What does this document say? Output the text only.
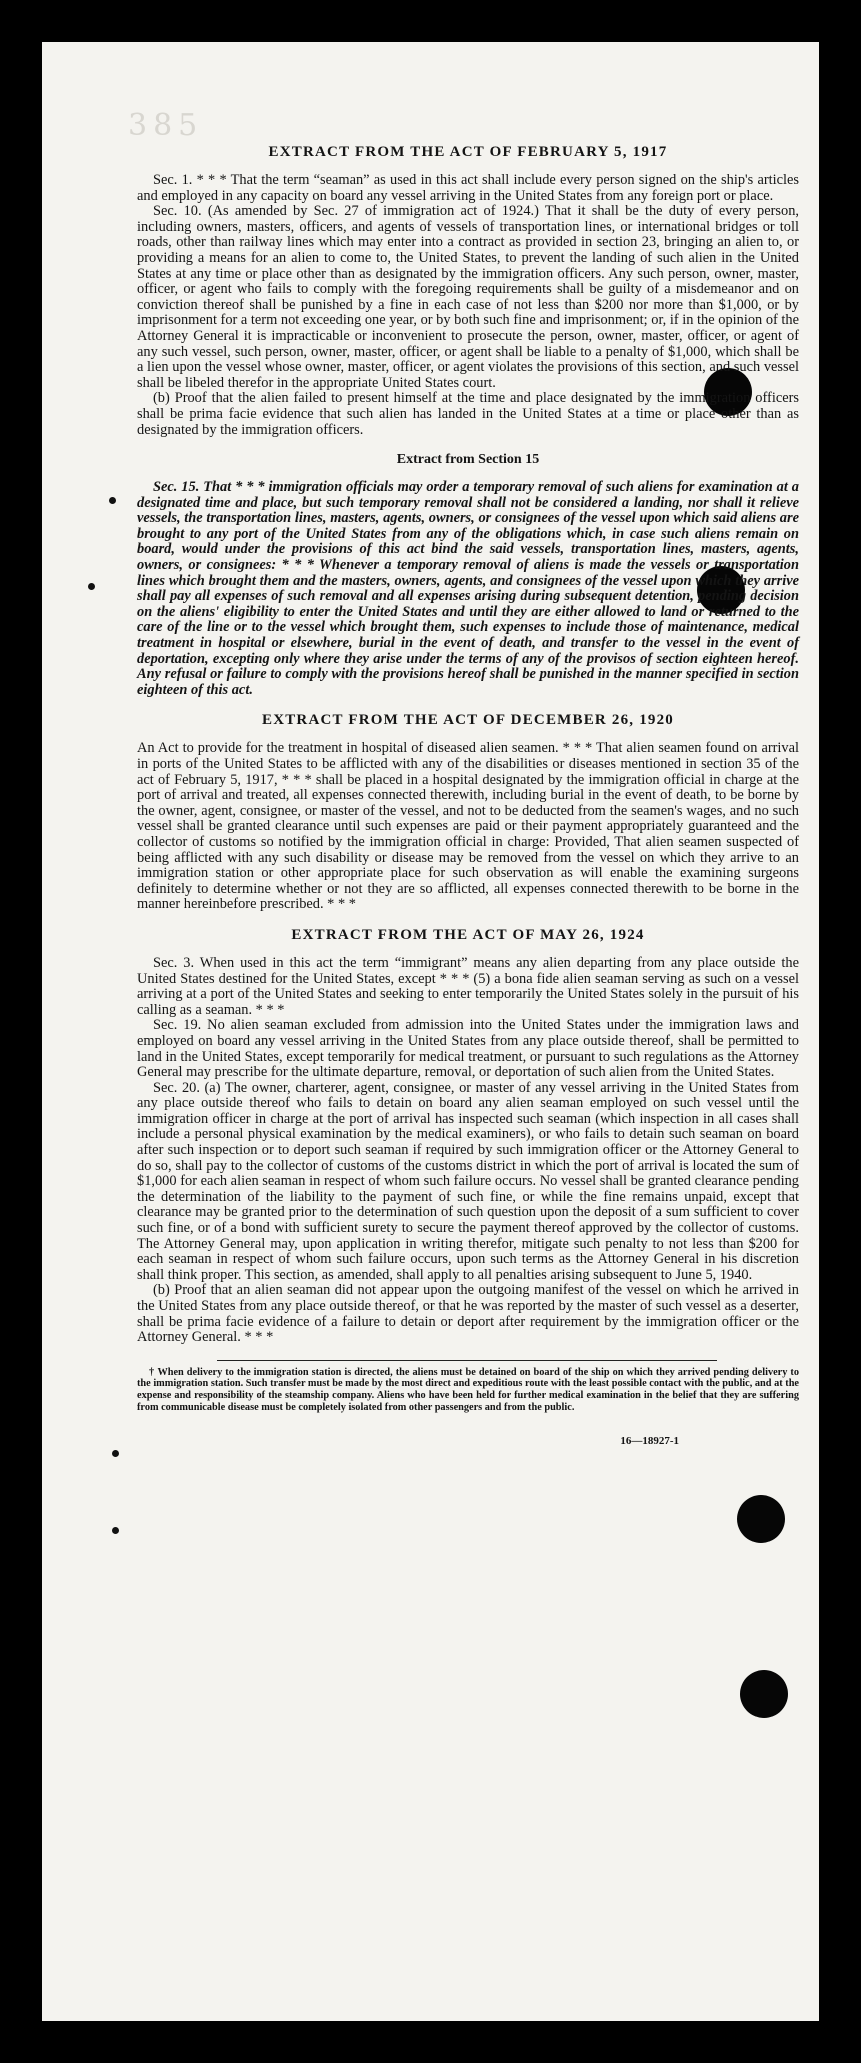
385
EXTRACT FROM THE ACT OF FEBRUARY 5, 1917

Sec. 1. * * * That the term “seaman” as used in this act shall include every person signed on the ship's articles and employed in any capacity on board any vessel arriving in the United States from any foreign port or place.

Sec. 10. (As amended by Sec. 27 of immigration act of 1924.) That it shall be the duty of every person, including owners, masters, officers, and agents of vessels of transportation lines, or international bridges or toll roads, other than railway lines which may enter into a contract as provided in section 23, bringing an alien to, or providing a means for an alien to come to, the United States, to prevent the landing of such alien in the United States at any time or place other than as designated by the immigration officers. Any such person, owner, master, officer, or agent who fails to comply with the foregoing requirements shall be guilty of a misdemeanor and on conviction thereof shall be punished by a fine in each case of not less than $200 nor more than $1,000, or by imprisonment for a term not exceeding one year, or by both such fine and imprisonment; or, if in the opinion of the Attorney General it is impracticable or inconvenient to prosecute the person, owner, master, officer, or agent of any such vessel, such person, owner, master, officer, or agent shall be liable to a penalty of $1,000, which shall be a lien upon the vessel whose owner, master, officer, or agent violates the provisions of this section, and such vessel shall be libeled therefor in the appropriate United States court.

(b) Proof that the alien failed to present himself at the time and place designated by the immigration officers shall be prima facie evidence that such alien has landed in the United States at a time or place other than as designated by the immigration officers.

Extract from Section 15

Sec. 15. That * * * immigration officials may order a temporary removal of such aliens for examination at a designated time and place, but such temporary removal shall not be considered a landing, nor shall it relieve vessels, the transportation lines, masters, agents, owners, or consignees of the vessel upon which said aliens are brought to any port of the United States from any of the obligations which, in case such aliens remain on board, would under the provisions of this act bind the said vessels, transportation lines, masters, agents, owners, or consignees: * * * Whenever a temporary removal of aliens is made the vessels or transportation lines which brought them and the masters, owners, agents, and consignees of the vessel upon which they arrive shall pay all expenses of such removal and all expenses arising during subsequent detention, pending decision on the aliens' eligibility to enter the United States and until they are either allowed to land or returned to the care of the line or to the vessel which brought them, such expenses to include those of maintenance, medical treatment in hospital or elsewhere, burial in the event of death, and transfer to the vessel in the event of deportation, excepting only where they arise under the terms of any of the provisos of section eighteen hereof. Any refusal or failure to comply with the provisions hereof shall be punished in the manner specified in section eighteen of this act.

EXTRACT FROM THE ACT OF DECEMBER 26, 1920

An Act to provide for the treatment in hospital of diseased alien seamen. * * * That alien seamen found on arrival in ports of the United States to be afflicted with any of the disabilities or diseases mentioned in section 35 of the act of February 5, 1917, * * * shall be placed in a hospital designated by the immigration official in charge at the port of arrival and treated, all expenses connected therewith, including burial in the event of death, to be borne by the owner, agent, consignee, or master of the vessel, and not to be deducted from the seamen's wages, and no such vessel shall be granted clearance until such expenses are paid or their payment appropriately guaranteed and the collector of customs so notified by the immigration official in charge: Provided, That alien seamen suspected of being afflicted with any such disability or disease may be removed from the vessel on which they arrive to an immigration station or other appropriate place for such observation as will enable the examining surgeons definitely to determine whether or not they are so afflicted, all expenses connected therewith to be borne in the manner hereinbefore prescribed. * * *

EXTRACT FROM THE ACT OF MAY 26, 1924

Sec. 3. When used in this act the term “immigrant” means any alien departing from any place outside the United States destined for the United States, except * * * (5) a bona fide alien seaman serving as such on a vessel arriving at a port of the United States and seeking to enter temporarily the United States solely in the pursuit of his calling as a seaman. * * *

Sec. 19. No alien seaman excluded from admission into the United States under the immigration laws and employed on board any vessel arriving in the United States from any place outside thereof, shall be permitted to land in the United States, except temporarily for medical treatment, or pursuant to such regulations as the Attorney General may prescribe for the ultimate departure, removal, or deportation of such alien from the United States.

Sec. 20. (a) The owner, charterer, agent, consignee, or master of any vessel arriving in the United States from any place outside thereof who fails to detain on board any alien seaman employed on such vessel until the immigration officer in charge at the port of arrival has inspected such seaman (which inspection in all cases shall include a personal physical examination by the medical examiners), or who fails to detain such seaman on board after such inspection or to deport such seaman if required by such immigration officer or the Attorney General to do so, shall pay to the collector of customs of the customs district in which the port of arrival is located the sum of $1,000 for each alien seaman in respect of whom such failure occurs. No vessel shall be granted clearance pending the determination of the liability to the payment of such fine, or while the fine remains unpaid, except that clearance may be granted prior to the determination of such question upon the deposit of a sum sufficient to cover such fine, or of a bond with sufficient surety to secure the payment thereof approved by the collector of customs. The Attorney General may, upon application in writing therefor, mitigate such penalty to not less than $200 for each seaman in respect of whom such failure occurs, upon such terms as the Attorney General in his discretion shall think proper. This section, as amended, shall apply to all penalties arising subsequent to June 5, 1940.

(b) Proof that an alien seaman did not appear upon the outgoing manifest of the vessel on which he arrived in the United States from any place outside thereof, or that he was reported by the master of such vessel as a deserter, shall be prima facie evidence of a failure to detain or deport after requirement by the immigration officer or the Attorney General. * * *

† When delivery to the immigration station is directed, the aliens must be detained on board of the ship on which they arrived pending delivery to the immigration station. Such transfer must be made by the most direct and expeditious route with the least possible contact with the public, and at the expense and responsibility of the steamship company. Aliens who have been held for further medical examination in the belief that they are suffering from communicable disease must be completely isolated from other passengers and from the public.

16—18927-1
